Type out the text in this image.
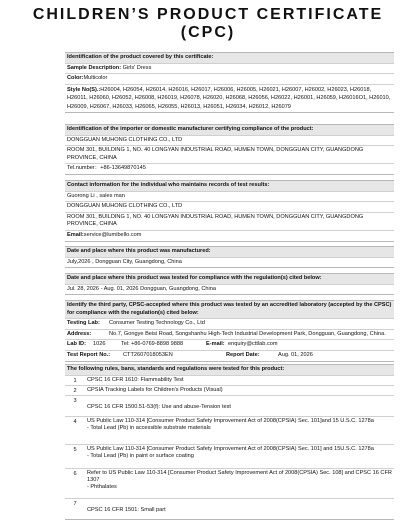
CHILDREN’S PRODUCT CERTIFICATE
(CPC)
Identification of the product covered by this certificate:
Sample Description: Girls' Dress
Color:Multicolor
Style No(S).:H26004, H26054, H26014, H26016, H26017, H26006, H26005, H26021, H26007, H26002, H26023, H26018, H26011, H26060, H26052, H26008, H26019, H26078, H26020, H26068, H26056, H26022, H26001, H26059, H26016O1, H26010, H26009, H26067, H26033, H26065, H26055, H26013, H26051, H26034, H26012, H26079
Identification of the importer or domestic manufacturer certifying compliance of the product:
DONGGUAN MUHONG CLOTHING CO., LTD
ROOM 301, BUILDING 1, NO. 40 LONGYAN INDUSTRIAL ROAD, HUMEN TOWN, DONGGUAN CITY, GUANGDONG PROVINCE, CHINA
Tel.number：+86-13649870145
Contact information for the individual who maintains records of test results:
Guorong Li , sales man
DONGGUAN MUHONG CLOTHING CO., LTD
ROOM 301, BUILDING 1, NO. 40 LONGYAN INDUSTRIAL ROAD, HUMEN TOWN, DONGGUAN CITY, GUANGDONG PROVINCE, CHINA
Email:service@lumibello.com
Date and place where this product was manufactured:
July,2026 , Dongguan City, Guangdong, China
Date and place where this product was tested for compliance with the regulation(s) cited below:
Jul. 28, 2026 - Aug. 01, 2026 Dongguan, Guangdong, China
Identify the third party, CPSC-accepted where this product was tested by an accredited laboratory (accepted by the CPSC) for compliance with the regulation(s) cited below:
Testing Lab:	Consumer Testing Technology Co., Ltd
Address:	No.7, Gongye Beisi Road, Songshanhu High-Tech Industrial Development Park, Dongguan, Guangdong, China.
Lab ID:	1026	Tel: +86-0769-8898 9888	E-mail: enquiry@cttlab.com
Test Report No.:	CTT2607018053EN	Report Date:	Aug. 01, 2026
The following rules, bans, standards and regulations were tested for this product:
1	CPSC 16 CFR 1610: Flammability Test
2	CPSIA Tracking Labels for Children's Products (Visual)
3
CPSC 16 CFR 1500.51-53(f): Use and abuse-Tension test
4	US Public Law 110-314 [Consumer Product Safety Improvement Act of 2008(CPSIA) Sec. 101]and 15 U.S.C. 1278a
- Total Lead (Pb) in accessible substrate materials
5	US Public Law 110-314 [Consumer Product Safety Improvement Act of 2008(CPSIA) Sec. 101] and 15U.S.C. 1278a
- Total Lead (Pb) in paint or surface coating
6	Refer to US Public Law 110-314 [Consumer Product Safety Improvement Act of 2008(CPSIA) Sec. 108] and CPSC 16 CFR 1307
- Phthalates
7
CPSC 16 CFR 1501: Small part
